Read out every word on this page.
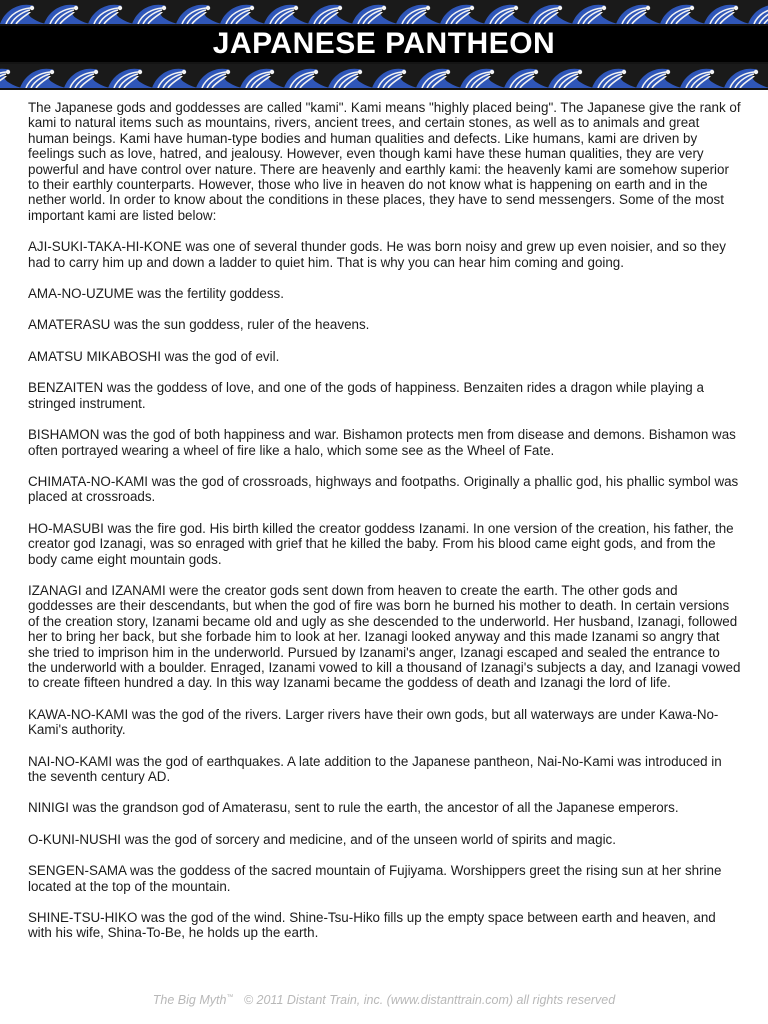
JAPANESE PANTHEON

The Japanese gods and goddesses are called "kami". Kami means "highly placed being". The Japanese give the rank of kami to natural items such as mountains, rivers, ancient trees, and certain stones, as well as to animals and great human beings. Kami have human-type bodies and human qualities and defects. Like humans, kami are driven by feelings such as love, hatred, and jealousy. However, even though kami have these human qualities, they are very powerful and have control over nature. There are heavenly and earthly kami: the heavenly kami are somehow superior to their earthly counterparts. However, those who live in heaven do not know what is happening on earth and in the nether world. In order to know about the conditions in these places, they have to send messengers. Some of the most important kami are listed below:

AJI-SUKI-TAKA-HI-KONE was one of several thunder gods. He was born noisy and grew up even noisier, and so they had to carry him up and down a ladder to quiet him. That is why you can hear him coming and going.

AMA-NO-UZUME was the fertility goddess.

AMATERASU was the sun goddess, ruler of the heavens.

AMATSU MIKABOSHI was the god of evil.

BENZAITEN was the goddess of love, and one of the gods of happiness. Benzaiten rides a dragon while playing a stringed instrument.

BISHAMON was the god of both happiness and war. Bishamon protects men from disease and demons. Bishamon was often portrayed wearing a wheel of fire like a halo, which some see as the Wheel of Fate.

CHIMATA-NO-KAMI was the god of crossroads, highways and footpaths. Originally a phallic god, his phallic symbol was placed at crossroads.

HO-MASUBI was the fire god. His birth killed the creator goddess Izanami. In one version of the creation, his father, the creator god Izanagi, was so enraged with grief that he killed the baby. From his blood came eight gods, and from the body came eight mountain gods.

IZANAGI and IZANAMI were the creator gods sent down from heaven to create the earth. The other gods and goddesses are their descendants, but when the god of fire was born he burned his mother to death. In certain versions of the creation story, Izanami became old and ugly as she descended to the underworld. Her husband, Izanagi, followed her to bring her back, but she forbade him to look at her. Izanagi looked anyway and this made Izanami so angry that she tried to imprison him in the underworld. Pursued by Izanami's anger, Izanagi escaped and sealed the entrance to the underworld with a boulder. Enraged, Izanami vowed to kill a thousand of Izanagi's subjects a day, and Izanagi vowed to create fifteen hundred a day. In this way Izanami became the goddess of death and Izanagi the lord of life.

KAWA-NO-KAMI was the god of the rivers. Larger rivers have their own gods, but all waterways are under Kawa-No-Kami's authority.

NAI-NO-KAMI was the god of earthquakes. A late addition to the Japanese pantheon, Nai-No-Kami was introduced in the seventh century AD.

NINIGI was the grandson god of Amaterasu, sent to rule the earth, the ancestor of all the Japanese emperors.

O-KUNI-NUSHI was the god of sorcery and medicine, and of the unseen world of spirits and magic.

SENGEN-SAMA was the goddess of the sacred mountain of Fujiyama. Worshippers greet the rising sun at her shrine located at the top of the mountain.

SHINE-TSU-HIKO was the god of the wind. Shine-Tsu-Hiko fills up the empty space between earth and heaven, and with his wife, Shina-To-Be, he holds up the earth.

The Big Myth™ © 2011 Distant Train, inc. (www.distanttrain.com) all rights reserved
